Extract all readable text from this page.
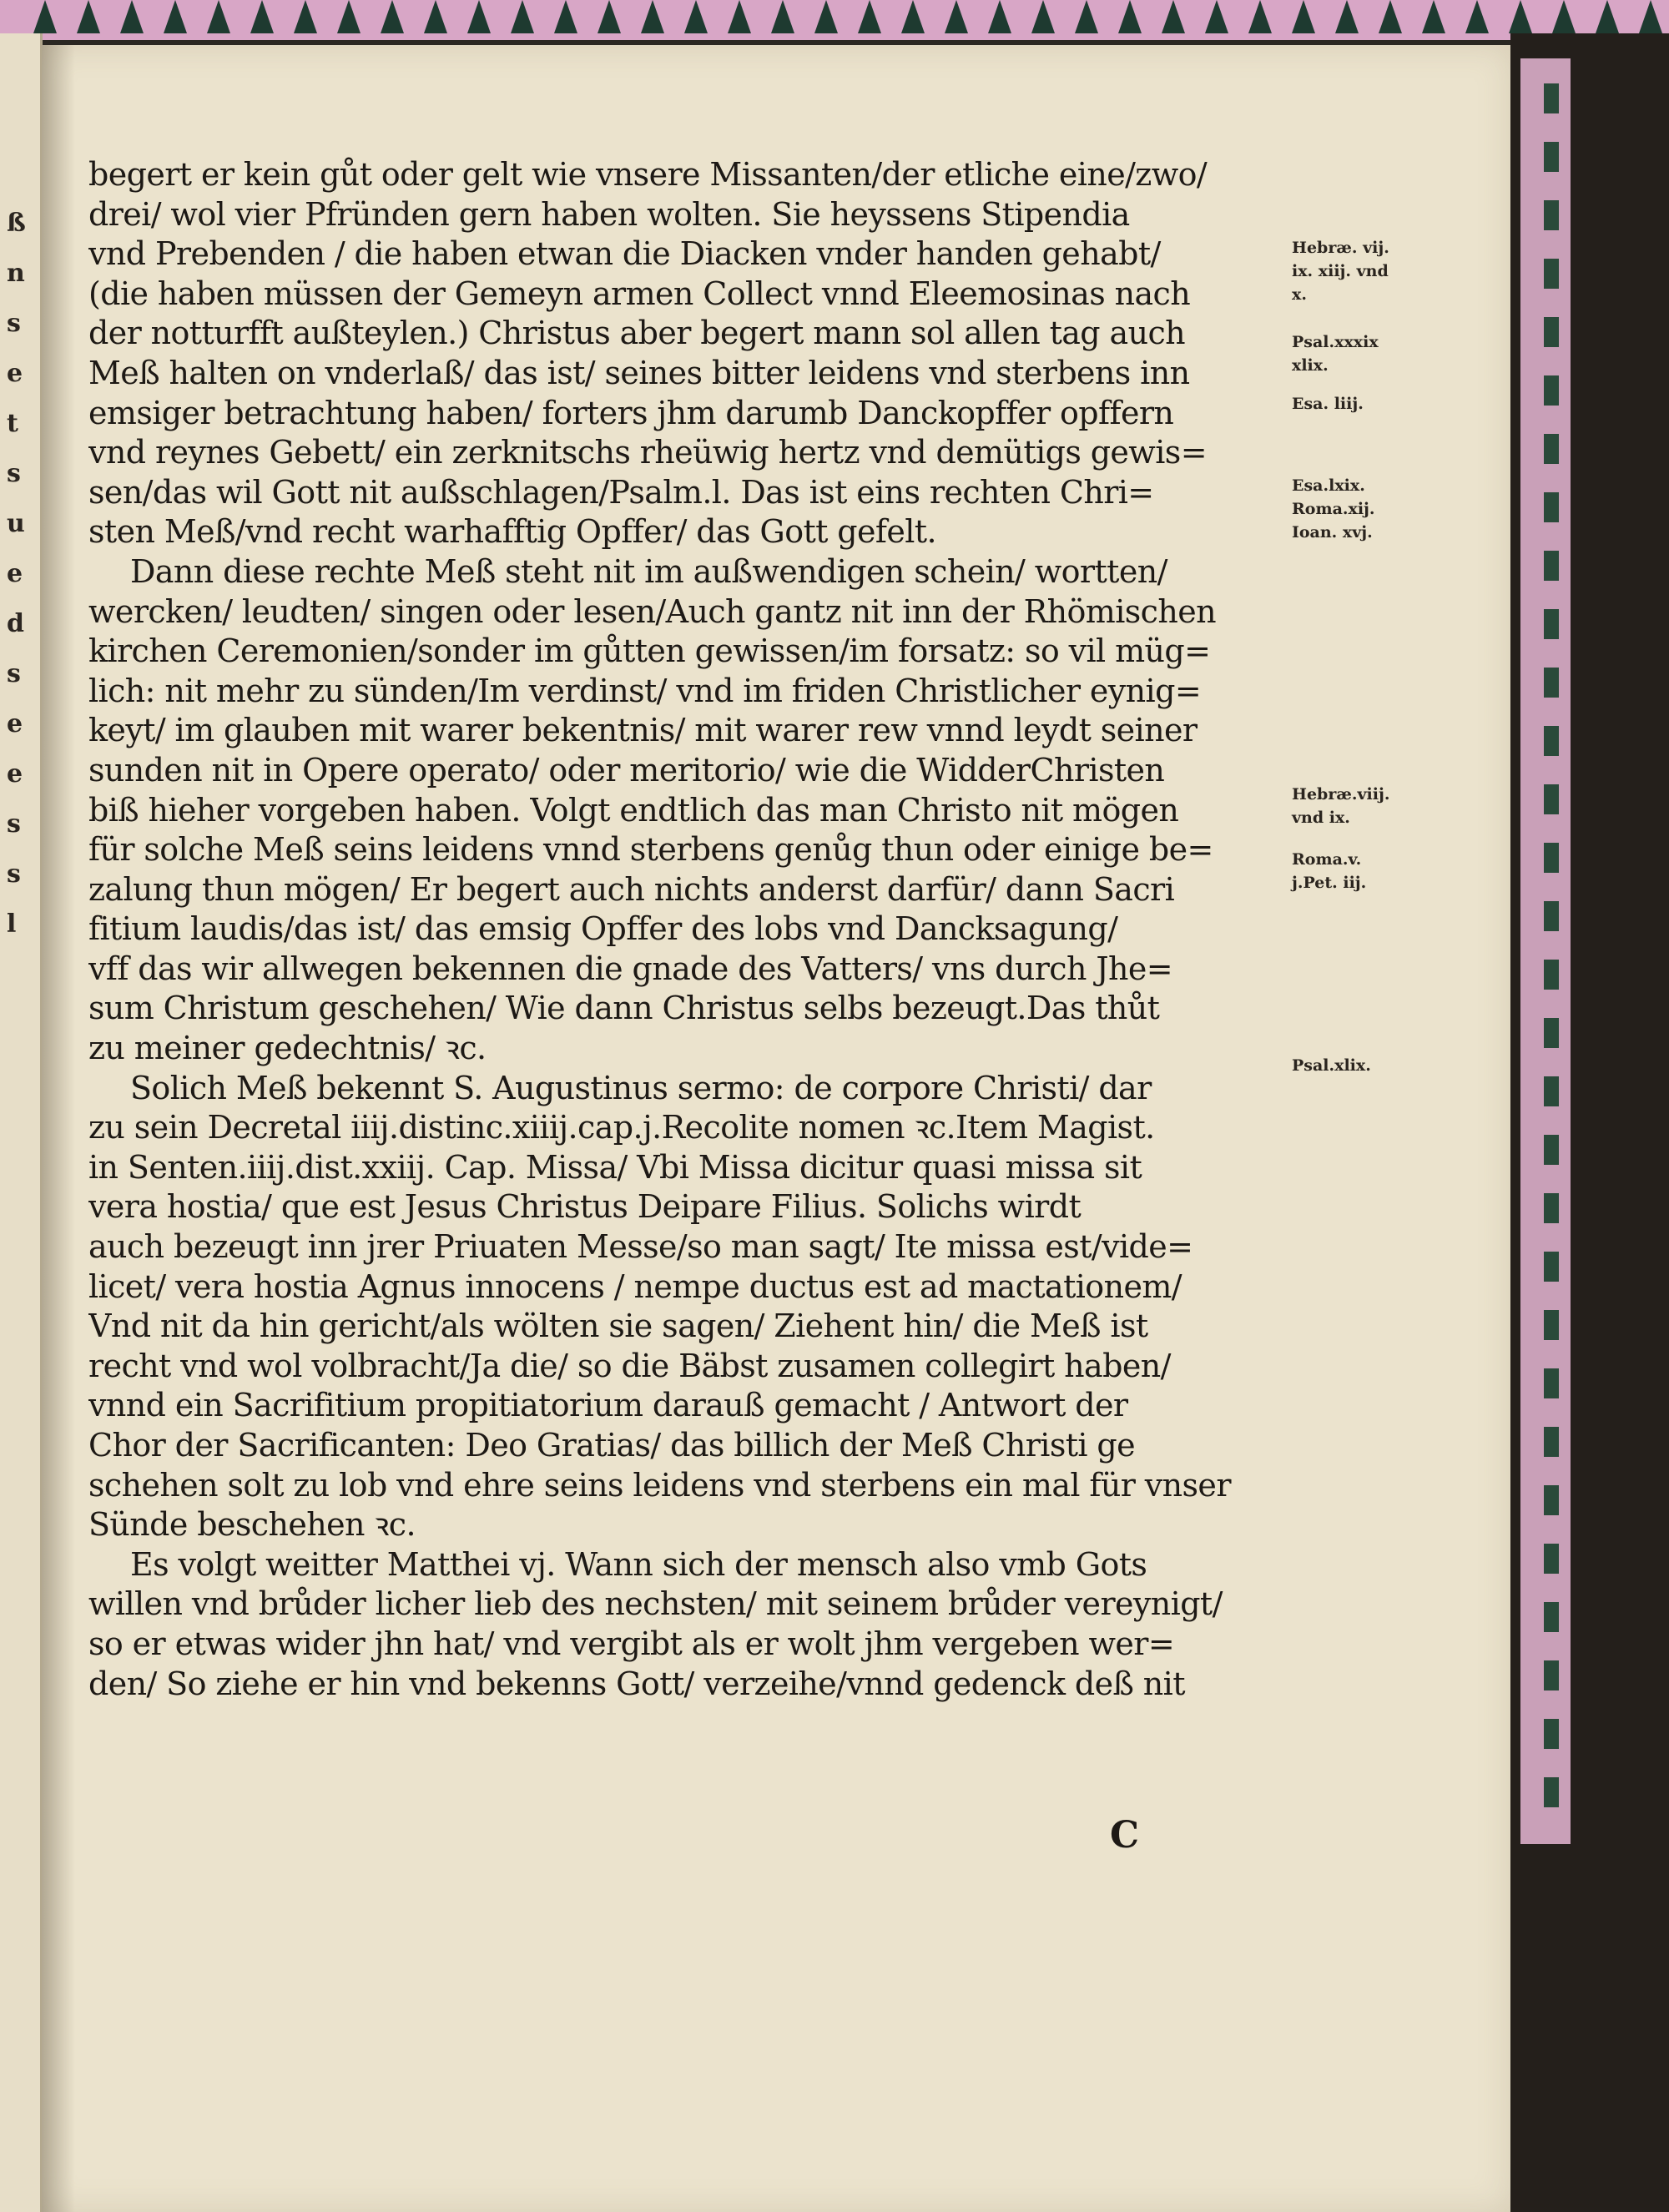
ß
n
s
e
t
s
u
e
d
s
e
e
s
s
l
Hebræ. vij.
ix. xiij. vnd
x.
Psal.xxxix
xlix.
Esa. liij.
Esa.lxix.
Roma.xij.
Ioan. xvj.
Hebræ.viij.
vnd ix.
Roma.v.
j.Pet. iij.
Psal.xlix.
begert er kein gůt oder gelt wie vnsere Missanten/der etliche eine/zwo/
drei/ wol vier Pfründen gern haben wolten. Sie heyssens Stipendia
vnd Prebenden / die haben etwan die Diacken vnder handen gehabt/
(die haben müssen der Gemeyn armen Collect vnnd Eleemosinas nach
der notturfft außteylen.) Christus aber begert mann sol allen tag auch
Meß halten on vnderlaß/ das ist/ seines bitter leidens vnd sterbens inn
emsiger betrachtung haben/ forters jhm darumb Danckopffer opffern
vnd reynes Gebett/ ein zerknitschs rheüwig hertz vnd demütigs gewis=
sen/das wil Gott nit außschlagen/Psalm.l. Das ist eins rechten Chri=
sten Meß/vnd recht warhafftig Opffer/ das Gott gefelt.
Dann diese rechte Meß steht nit im außwendigen schein/ wortten/
wercken/ leudten/ singen oder lesen/Auch gantz nit inn der Rhömischen
kirchen Ceremonien/sonder im gůtten gewissen/im forsatz: so vil müg=
lich: nit mehr zu sünden/Im verdinst/ vnd im friden Christlicher eynig=
keyt/ im glauben mit warer bekentnis/ mit warer rew vnnd leydt seiner
sunden nit in Opere operato/ oder meritorio/ wie die WidderChristen
biß hieher vorgeben haben. Volgt endtlich das man Christo nit mögen
für solche Meß seins leidens vnnd sterbens genůg thun oder einige be=
zalung thun mögen/ Er begert auch nichts anderst darfür/ dann Sacri
fitium laudis/das ist/ das emsig Opffer des lobs vnd Dancksagung/
vff das wir allwegen bekennen die gnade des Vatters/ vns durch Jhe=
sum Christum geschehen/ Wie dann Christus selbs bezeugt.Das thůt
zu meiner gedechtnis/ ꝛc.
Solich Meß bekennt S. Augustinus sermo: de corpore Christi/ dar
zu sein Decretal iiij.distinc.xiiij.cap.j.Recolite nomen ꝛc.Item Magist.
in Senten.iiij.dist.xxiij. Cap. Missa/ Vbi Missa dicitur quasi missa sit
vera hostia/ que est Jesus Christus Deipare Filius. Solichs wirdt
auch bezeugt inn jrer Priuaten Messe/so man sagt/ Ite missa est/vide=
licet/ vera hostia Agnus innocens / nempe ductus est ad mactationem/
Vnd nit da hin gericht/als wölten sie sagen/ Ziehent hin/ die Meß ist
recht vnd wol volbracht/Ja die/ so die Bäbst zusamen collegirt haben/
vnnd ein Sacrifitium propitiatorium darauß gemacht / Antwort der
Chor der Sacrificanten: Deo Gratias/ das billich der Meß Christi ge
schehen solt zu lob vnd ehre seins leidens vnd sterbens ein mal für vnser
Sünde beschehen ꝛc.
Es volgt weitter Matthei vj. Wann sich der mensch also vmb Gots
willen vnd brůder licher lieb des nechsten/ mit seinem brůder vereynigt/
so er etwas wider jhn hat/ vnd vergibt als er wolt jhm vergeben wer=
den/ So ziehe er hin vnd bekenns Gott/ verzeihe/vnnd gedenck deß nit
C
